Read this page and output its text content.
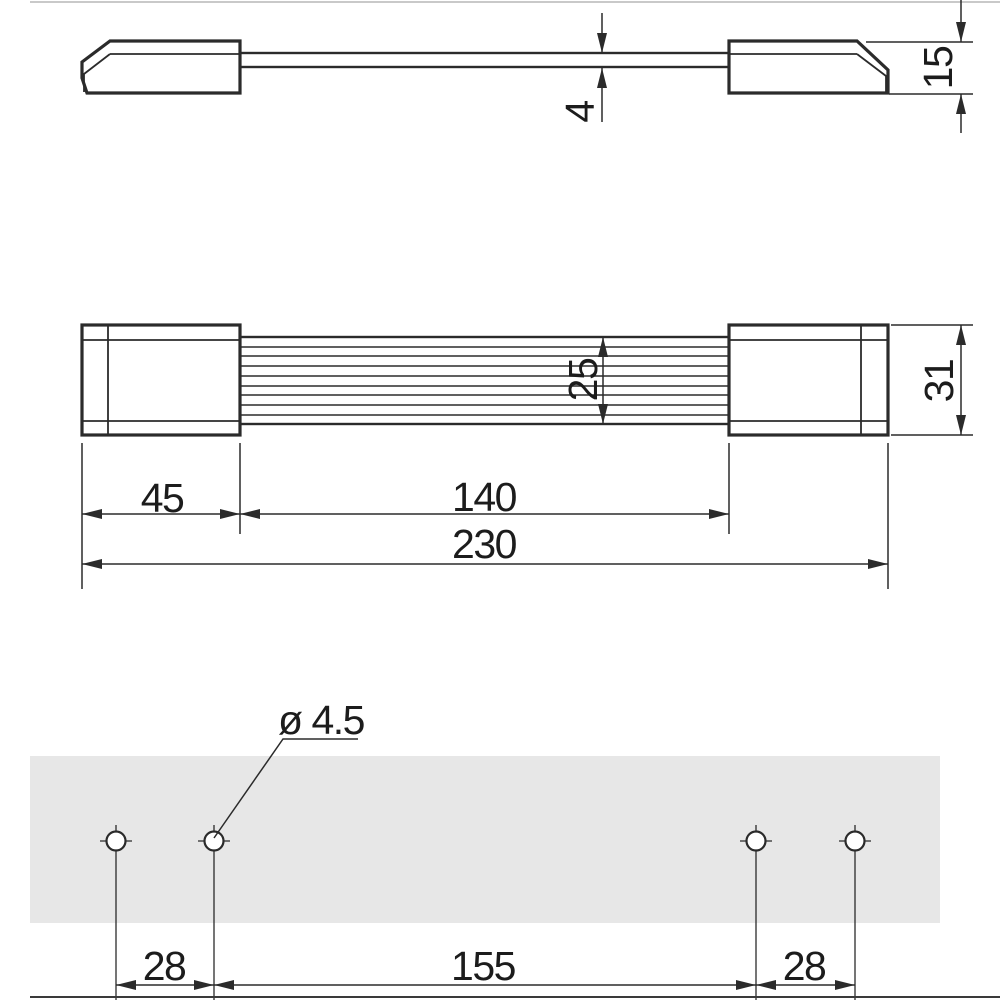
4
15
25	31
45	140
230
ø 4.5
28	155	28
